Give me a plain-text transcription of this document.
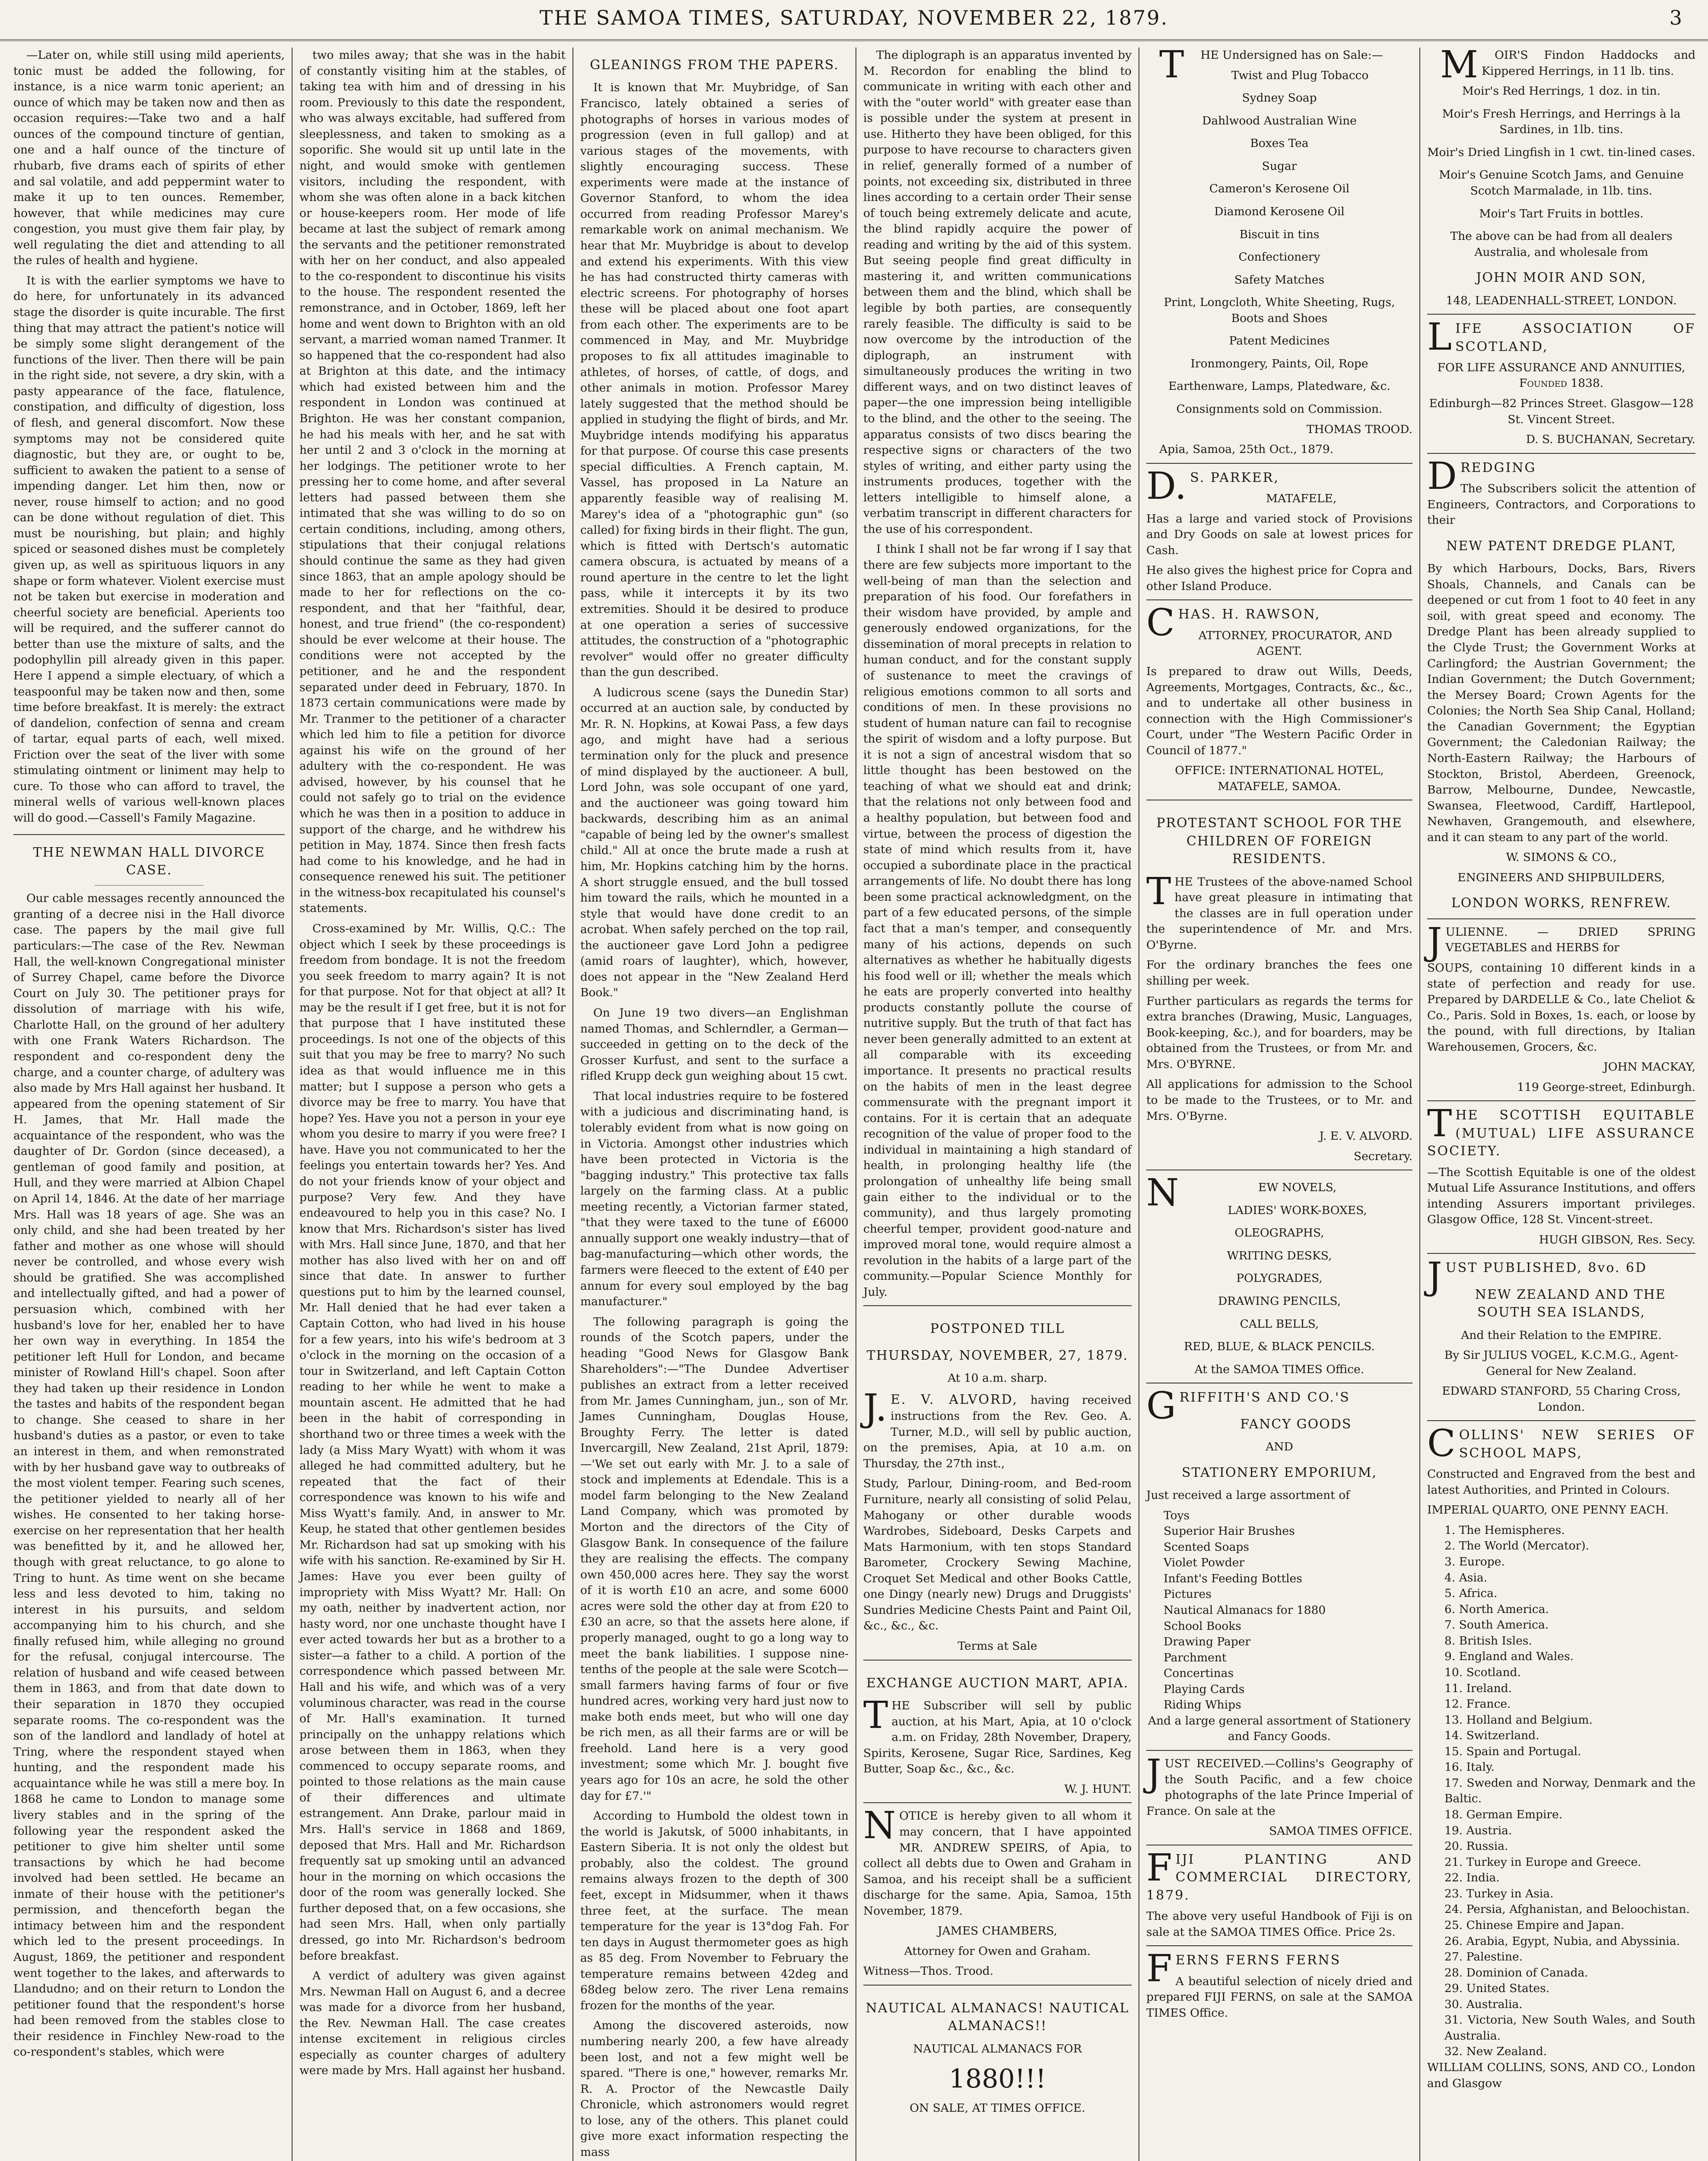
THE SAMOA TIMES, SATURDAY, NOVEMBER 22, 1879.	3

—Later on, while still using mild aperients, tonic must be added the following, for instance, is a nice warm tonic aperient; an ounce of which may be taken now and then as occasion requires:—Take two and a half ounces of the compound tincture of gentian, one and a half ounce of the tincture of rhubarb, five drams each of spirits of ether and sal volatile, and add peppermint water to make it up to ten ounces. Remember, however, that while medicines may cure congestion, you must give them fair play, by well regulating the diet and attending to all the rules of health and hygiene.

It is with the earlier symptoms we have to do here, for unfortunately in its advanced stage the disorder is quite incurable. The first thing that may attract the patient's notice will be simply some slight derangement of the functions of the liver. Then there will be pain in the right side, not severe, a dry skin, with a pasty appearance of the face, flatulence, constipation, and difficulty of digestion, loss of flesh, and general discomfort. Now these symptoms may not be considered quite diagnostic, but they are, or ought to be, sufficient to awaken the patient to a sense of impending danger. Let him then, now or never, rouse himself to action; and no good can be done without regulation of diet. This must be nourishing, but plain; and highly spiced or seasoned dishes must be completely given up, as well as spirituous liquors in any shape or form whatever. Violent exercise must not be taken but exercise in moderation and cheerful society are beneficial. Aperients too will be required, and the sufferer cannot do better than use the mixture of salts, and the podophyllin pill already given in this paper. Here I append a simple electuary, of which a teaspoonful may be taken now and then, some time before breakfast. It is merely: the extract of dandelion, confection of senna and cream of tartar, equal parts of each, well mixed. Friction over the seat of the liver with some stimulating ointment or liniment may help to cure. To those who can afford to travel, the mineral wells of various well-known places will do good.—Cassell's Family Magazine.

THE NEWMAN HALL DIVORCE CASE.

Our cable messages recently announced the granting of a decree nisi in the Hall divorce case. The papers by the mail give full particulars:—The case of the Rev. Newman Hall, the well-known Congregational minister of Surrey Chapel, came before the Divorce Court on July 30. The petitioner prays for dissolution of marriage with his wife, Charlotte Hall, on the ground of her adultery with one Frank Waters Richardson. The respondent and co-respondent deny the charge, and a counter charge, of adultery was also made by Mrs Hall against her husband. It appeared from the opening statement of Sir H. James, that Mr. Hall made the acquaintance of the respondent, who was the daughter of Dr. Gordon (since deceased), a gentleman of good family and position, at Hull, and they were married at Albion Chapel on April 14, 1846. At the date of her marriage Mrs. Hall was 18 years of age. She was an only child, and she had been treated by her father and mother as one whose will should never be controlled, and whose every wish should be gratified. She was accomplished and intellectually gifted, and had a power of persuasion which, combined with her husband's love for her, enabled her to have her own way in everything. In 1854 the petitioner left Hull for London, and became minister of Rowland Hill's chapel. Soon after they had taken up their residence in London the tastes and habits of the respondent began to change. She ceased to share in her husband's duties as a pastor, or even to take an interest in them, and when remonstrated with by her husband gave way to outbreaks of the most violent temper. Fearing such scenes, the petitioner yielded to nearly all of her wishes. He consented to her taking horse-exercise on her representation that her health was benefitted by it, and he allowed her, though with great reluctance, to go alone to Tring to hunt. As time went on she became less and less devoted to him, taking no interest in his pursuits, and seldom accompanying him to his church, and she finally refused him, while alleging no ground for the refusal, conjugal intercourse. The relation of husband and wife ceased between them in 1863, and from that date down to their separation in 1870 they occupied separate rooms. The co-respondent was the son of the landlord and landlady of hotel at Tring, where the respondent stayed when hunting, and the respondent made his acquaintance while he was still a mere boy. In 1868 he came to London to manage some livery stables and in the spring of the following year the respondent asked the petitioner to give him shelter until some transactions by which he had become involved had been settled. He became an inmate of their house with the petitioner's permission, and thenceforth began the intimacy between him and the respondent which led to the present proceedings. In August, 1869, the petitioner and respondent went together to the lakes, and afterwards to Llandudno; and on their return to London the petitioner found that the respondent's horse had been removed from the stables close to their residence in Finchley New-road to the co-respondent's stables, which were

two miles away; that she was in the habit of constantly visiting him at the stables, of taking tea with him and of dressing in his room. Previously to this date the respondent, who was always excitable, had suffered from sleeplessness, and taken to smoking as a soporific. She would sit up until late in the night, and would smoke with gentlemen visitors, including the respondent, with whom she was often alone in a back kitchen or house-keepers room. Her mode of life became at last the subject of remark among the servants and the petitioner remonstrated with her on her conduct, and also appealed to the co-respondent to discontinue his visits to the house. The respondent resented the remonstrance, and in October, 1869, left her home and went down to Brighton with an old servant, a married woman named Tranmer. It so happened that the co-respondent had also at Brighton at this date, and the intimacy which had existed between him and the respondent in London was continued at Brighton. He was her constant companion, he had his meals with her, and he sat with her until 2 and 3 o'clock in the morning at her lodgings. The petitioner wrote to her pressing her to come home, and after several letters had passed between them she intimated that she was willing to do so on certain conditions, including, among others, stipulations that their conjugal relations should continue the same as they had given since 1863, that an ample apology should be made to her for reflections on the co-respondent, and that her "faithful, dear, honest, and true friend" (the co-respondent) should be ever welcome at their house. The conditions were not accepted by the petitioner, and he and the respondent separated under deed in February, 1870. In 1873 certain communications were made by Mr. Tranmer to the petitioner of a character which led him to file a petition for divorce against his wife on the ground of her adultery with the co-respondent. He was advised, however, by his counsel that he could not safely go to trial on the evidence which he was then in a position to adduce in support of the charge, and he withdrew his petition in May, 1874. Since then fresh facts had come to his knowledge, and he had in consequence renewed his suit. The petitioner in the witness-box recapitulated his counsel's statements.

Cross-examined by Mr. Willis, Q.C.: The object which I seek by these proceedings is freedom from bondage. It is not the freedom you seek freedom to marry again? It is not for that purpose. Not for that object at all? It may be the result if I get free, but it is not for that purpose that I have instituted these proceedings. Is not one of the objects of this suit that you may be free to marry? No such idea as that would influence me in this matter; but I suppose a person who gets a divorce may be free to marry. You have that hope? Yes. Have you not a person in your eye whom you desire to marry if you were free? I have. Have you not communicated to her the feelings you entertain towards her? Yes. And do not your friends know of your object and purpose? Very few. And they have endeavoured to help you in this case? No. I know that Mrs. Richardson's sister has lived with Mrs. Hall since June, 1870, and that her mother has also lived with her on and off since that date. In answer to further questions put to him by the learned counsel, Mr. Hall denied that he had ever taken a Captain Cotton, who had lived in his house for a few years, into his wife's bedroom at 3 o'clock in the morning on the occasion of a tour in Switzerland, and left Captain Cotton reading to her while he went to make a mountain ascent. He admitted that he had been in the habit of corresponding in shorthand two or three times a week with the lady (a Miss Mary Wyatt) with whom it was alleged he had committed adultery, but he repeated that the fact of their correspondence was known to his wife and Miss Wyatt's family. And, in answer to Mr. Keup, he stated that other gentlemen besides Mr. Richardson had sat up smoking with his wife with his sanction. Re-examined by Sir H. James: Have you ever been guilty of impropriety with Miss Wyatt? Mr. Hall: On my oath, neither by inadvertent action, nor hasty word, nor one unchaste thought have I ever acted towards her but as a brother to a sister—a father to a child. A portion of the correspondence which passed between Mr. Hall and his wife, and which was of a very voluminous character, was read in the course of Mr. Hall's examination. It turned principally on the unhappy relations which arose between them in 1863, when they commenced to occupy separate rooms, and pointed to those relations as the main cause of their differences and ultimate estrangement. Ann Drake, parlour maid in Mrs. Hall's service in 1868 and 1869, deposed that Mrs. Hall and Mr. Richardson frequently sat up smoking until an advanced hour in the morning on which occasions the door of the room was generally locked. She further deposed that, on a few occasions, she had seen Mrs. Hall, when only partially dressed, go into Mr. Richardson's bedroom before breakfast.

A verdict of adultery was given against Mrs. Newman Hall on August 6, and a decree was made for a divorce from her husband, the Rev. Newman Hall. The case creates intense excitement in religious circles especially as counter charges of adultery were made by Mrs. Hall against her husband.

GLEANINGS FROM THE PAPERS.

It is known that Mr. Muybridge, of San Francisco, lately obtained a series of photographs of horses in various modes of progression (even in full gallop) and at various stages of the movements, with slightly encouraging success. These experiments were made at the instance of Governor Stanford, to whom the idea occurred from reading Professor Marey's remarkable work on animal mechanism. We hear that Mr. Muybridge is about to develop and extend his experiments. With this view he has had constructed thirty cameras with electric screens. For photography of horses these will be placed about one foot apart from each other. The experiments are to be commenced in May, and Mr. Muybridge proposes to fix all attitudes imaginable to athletes, of horses, of cattle, of dogs, and other animals in motion. Professor Marey lately suggested that the method should be applied in studying the flight of birds, and Mr. Muybridge intends modifying his apparatus for that purpose. Of course this case presents special difficulties. A French captain, M. Vassel, has proposed in La Nature an apparently feasible way of realising M. Marey's idea of a "photographic gun" (so called) for fixing birds in their flight. The gun, which is fitted with Dertsch's automatic camera obscura, is actuated by means of a round aperture in the centre to let the light pass, while it intercepts it by its two extremities. Should it be desired to produce at one operation a series of successive attitudes, the construction of a "photographic revolver" would offer no greater difficulty than the gun described.

A ludicrous scene (says the Dunedin Star) occurred at an auction sale, by conducted by Mr. R. N. Hopkins, at Kowai Pass, a few days ago, and might have had a serious termination only for the pluck and presence of mind displayed by the auctioneer. A bull, Lord John, was sole occupant of one yard, and the auctioneer was going toward him backwards, describing him as an animal "capable of being led by the owner's smallest child." All at once the brute made a rush at him, Mr. Hopkins catching him by the horns. A short struggle ensued, and the bull tossed him toward the rails, which he mounted in a style that would have done credit to an acrobat. When safely perched on the top rail, the auctioneer gave Lord John a pedigree (amid roars of laughter), which, however, does not appear in the "New Zealand Herd Book."

On June 19 two divers—an Englishman named Thomas, and Schlerndler, a German—succeeded in getting on to the deck of the Grosser Kurfust, and sent to the surface a rifled Krupp deck gun weighing about 15 cwt.

That local industries require to be fostered with a judicious and discriminating hand, is tolerably evident from what is now going on in Victoria. Amongst other industries which have been protected in Victoria is the "bagging industry." This protective tax falls largely on the farming class. At a public meeting recently, a Victorian farmer stated, "that they were taxed to the tune of £6000 annually support one weakly industry—that of bag-manufacturing—which other words, the farmers were fleeced to the extent of £40 per annum for every soul employed by the bag manufacturer."

The following paragraph is going the rounds of the Scotch papers, under the heading "Good News for Glasgow Bank Shareholders":—"The Dundee Advertiser publishes an extract from a letter received from Mr. James Cunningham, jun., son of Mr. James Cunningham, Douglas House, Broughty Ferry. The letter is dated Invercargill, New Zealand, 21st April, 1879:—'We set out early with Mr. J. to a sale of stock and implements at Edendale. This is a model farm belonging to the New Zealand Land Company, which was promoted by Morton and the directors of the City of Glasgow Bank. In consequence of the failure they are realising the effects. The company own 450,000 acres here. They say the worst of it is worth £10 an acre, and some 6000 acres were sold the other day at from £20 to £30 an acre, so that the assets here alone, if properly managed, ought to go a long way to meet the bank liabilities. I suppose nine-tenths of the people at the sale were Scotch—small farmers having farms of four or five hundred acres, working very hard just now to make both ends meet, but who will one day be rich men, as all their farms are or will be freehold. Land here is a very good investment; some which Mr. J. bought five years ago for 10s an acre, he sold the other day for £7.'"

According to Humbold the oldest town in the world is Jakutsk, of 5000 inhabitants, in Eastern Siberia. It is not only the oldest but probably, also the coldest. The ground remains always frozen to the depth of 300 feet, except in Midsummer, when it thaws three feet, at the surface. The mean temperature for the year is 13°dog Fah. For ten days in August thermometer goes as high as 85 deg. From November to February the temperature remains between 42deg and 68deg below zero. The river Lena remains frozen for the months of the year.

Among the discovered asteroids, now numbering nearly 200, a few have already been lost, and not a few might well be spared. "There is one," however, remarks Mr. R. A. Proctor of the Newcastle Daily Chronicle, which astronomers would regret to lose, any of the others. This planet could give more exact information respecting the mass

The diplograph is an apparatus invented by M. Recordon for enabling the blind to communicate in writing with each other and with the "outer world" with greater ease than is possible under the system at present in use. Hitherto they have been obliged, for this purpose to have recourse to characters given in relief, generally formed of a number of points, not exceeding six, distributed in three lines according to a certain order Their sense of touch being extremely delicate and acute, the blind rapidly acquire the power of reading and writing by the aid of this system. But seeing people find great difficulty in mastering it, and written communications between them and the blind, which shall be legible by both parties, are consequently rarely feasible. The difficulty is said to be now overcome by the introduction of the diplograph, an instrument with simultaneously produces the writing in two different ways, and on two distinct leaves of paper—the one impression being intelligible to the blind, and the other to the seeing. The apparatus consists of two discs bearing the respective signs or characters of the two styles of writing, and either party using the instruments produces, together with the letters intelligible to himself alone, a verbatim transcript in different characters for the use of his correspondent.

I think I shall not be far wrong if I say that there are few subjects more important to the well-being of man than the selection and preparation of his food. Our forefathers in their wisdom have provided, by ample and generously endowed organizations, for the dissemination of moral precepts in relation to human conduct, and for the constant supply of sustenance to meet the cravings of religious emotions common to all sorts and conditions of men. In these provisions no student of human nature can fail to recognise the spirit of wisdom and a lofty purpose. But it is not a sign of ancestral wisdom that so little thought has been bestowed on the teaching of what we should eat and drink; that the relations not only between food and a healthy population, but between food and virtue, between the process of digestion the state of mind which results from it, have occupied a subordinate place in the practical arrangements of life. No doubt there has long been some practical acknowledgment, on the part of a few educated persons, of the simple fact that a man's temper, and consequently many of his actions, depends on such alternatives as whether he habitually digests his food well or ill; whether the meals which he eats are properly converted into healthy products constantly pollute the course of nutritive supply. But the truth of that fact has never been generally admitted to an extent at all comparable with its exceeding importance. It presents no practical results on the habits of men in the least degree commensurate with the pregnant import it contains. For it is certain that an adequate recognition of the value of proper food to the individual in maintaining a high standard of health, in prolonging healthy life (the prolongation of unhealthy life being small gain either to the individual or to the community), and thus largely promoting cheerful temper, provident good-nature and improved moral tone, would require almost a revolution in the habits of a large part of the community.—Popular Science Monthly for July.

POSTPONED TILL
THURSDAY, NOVEMBER, 27, 1879.

At 10 a.m. sharp.

J. E. V. ALVORD, having received instructions from the Rev. Geo. A. Turner, M.D., will sell by public auction, on the premises, Apia, at 10 a.m. on Thursday, the 27th inst.,

Study, Parlour, Dining-room, and Bed-room Furniture, nearly all consisting of solid Pelau, Mahogany or other durable woods Wardrobes, Sideboard, Desks Carpets and Mats Harmonium, with ten stops Standard Barometer, Crockery Sewing Machine, Croquet Set Medical and other Books Cattle, one Dingy (nearly new) Drugs and Druggists' Sundries Medicine Chests Paint and Paint Oil, &c., &c., &c.

Terms at Sale

EXCHANGE AUCTION MART, APIA.

T HE Subscriber will sell by public auction, at his Mart, Apia, at 10 o'clock a.m. on Friday, 28th November, Drapery, Spirits, Kerosene, Sugar Rice, Sardines, Keg Butter, Soap &c., &c., &c.

W. J. HUNT.

N OTICE is hereby given to all whom it may concern, that I have appointed MR. ANDREW SPEIRS, of Apia, to collect all debts due to Owen and Graham in Samoa, and his receipt shall be a sufficient discharge for the same. Apia, Samoa, 15th November, 1879.

JAMES CHAMBERS,

Attorney for Owen and Graham.

Witness—Thos. Trood.

NAUTICAL ALMANACS! NAUTICAL ALMANACS!!

NAUTICAL ALMANACS FOR

1880!!!

ON SALE, AT TIMES OFFICE.

T HE Undersigned has on Sale:—

Twist and Plug Tobacco
Sydney Soap
Dahlwood Australian Wine
Boxes Tea
Sugar
Cameron's Kerosene Oil
Diamond Kerosene Oil
Biscuit in tins
Confectionery
Safety Matches
Print, Longcloth, White Sheeting, Rugs, Boots and Shoes
Patent Medicines
Ironmongery, Paints, Oil, Rope
Earthenware, Lamps, Platedware, &c.

Consignments sold on Commission.

THOMAS TROOD.

Apia, Samoa, 25th Oct., 1879.

D. S. PARKER,

MATAFELE,

Has a large and varied stock of Provisions and Dry Goods on sale at lowest prices for Cash.

He also gives the highest price for Copra and other Island Produce.

C HAS. H. RAWSON,

ATTORNEY, PROCURATOR, AND AGENT.

Is prepared to draw out Wills, Deeds, Agreements, Mortgages, Contracts, &c., &c., and to undertake all other business in connection with the High Commissioner's Court, under "The Western Pacific Order in Council of 1877."

OFFICE: INTERNATIONAL HOTEL, MATAFELE, SAMOA.

PROTESTANT SCHOOL FOR THE CHILDREN OF FOREIGN RESIDENTS.

T HE Trustees of the above-named School have great pleasure in intimating that the classes are in full operation under the superintendence of Mr. and Mrs. O'Byrne.

For the ordinary branches the fees one shilling per week.

Further particulars as regards the terms for extra branches (Drawing, Music, Languages, Book-keeping, &c.), and for boarders, may be obtained from the Trustees, or from Mr. and Mrs. O'BYRNE.

All applications for admission to the School to be made to the Trustees, or to Mr. and Mrs. O'Byrne.

J. E. V. ALVORD.

Secretary.

N	EW NOVELS,
LADIES' WORK-BOXES,
OLEOGRAPHS,
WRITING DESKS,
POLYGRADES,
DRAWING PENCILS,
CALL BELLS,
RED, BLUE, & BLACK PENCILS.

At the SAMOA TIMES Office.

G RIFFITH'S AND CO.'S

FANCY GOODS

AND

STATIONERY EMPORIUM,

Just received a large assortment of

Toys
Superior Hair Brushes
Scented Soaps
Violet Powder
Infant's Feeding Bottles
Pictures
Nautical Almanacs for 1880
School Books
Drawing Paper
Parchment
Concertinas
Playing Cards
Riding Whips

And a large general assortment of Stationery and Fancy Goods.

J UST RECEIVED.—Collins's Geography of the South Pacific, and a few choice photographs of the late Prince Imperial of France. On sale at the

SAMOA TIMES OFFICE.

F IJI PLANTING AND COMMERCIAL DIRECTORY, 1879.

The above very useful Handbook of Fiji is on sale at the SAMOA TIMES Office. Price 2s.

F ERNS FERNS FERNS

A beautiful selection of nicely dried and prepared FIJI FERNS, on sale at the SAMOA TIMES Office.

M OIR'S Findon Haddocks and Kippered Herrings, in 11 lb. tins.

Moir's Red Herrings, 1 doz. in tin.
Moir's Fresh Herrings, and Herrings à la Sardines, in 1lb. tins.
Moir's Dried Lingfish in 1 cwt. tin-lined cases.
Moir's Genuine Scotch Jams, and Genuine Scotch Marmalade, in 1lb. tins.
Moir's Tart Fruits in bottles.

The above can be had from all dealers Australia, and wholesale from

JOHN MOIR AND SON,

148, LEADENHALL-STREET, LONDON.

L IFE ASSOCIATION OF SCOTLAND,

FOR LIFE ASSURANCE AND ANNUITIES, Founded 1838.

Edinburgh—82 Princes Street. Glasgow—128 St. Vincent Street.

D. S. BUCHANAN, Secretary.

D REDGING

The Subscribers solicit the attention of Engineers, Contractors, and Corporations to their

NEW PATENT DREDGE PLANT,

By which Harbours, Docks, Bars, Rivers Shoals, Channels, and Canals can be deepened or cut from 1 foot to 40 feet in any soil, with great speed and economy. The Dredge Plant has been already supplied to the Clyde Trust; the Government Works at Carlingford; the Austrian Government; the Indian Government; the Dutch Government; the Mersey Board; Crown Agents for the Colonies; the North Sea Ship Canal, Holland; the Canadian Government; the Egyptian Government; the Caledonian Railway; the North-Eastern Railway; the Harbours of Stockton, Bristol, Aberdeen, Greenock, Barrow, Melbourne, Dundee, Newcastle, Swansea, Fleetwood, Cardiff, Hartlepool, Newhaven, Grangemouth, and elsewhere, and it can steam to any part of the world.

W. SIMONS & CO.,

ENGINEERS AND SHIPBUILDERS,

LONDON WORKS, RENFREW.

J ULIENNE. — DRIED SPRING VEGETABLES and HERBS for

SOUPS, containing 10 different kinds in a state of perfection and ready for use. Prepared by DARDELLE & Co., late Cheliot & Co., Paris. Sold in Boxes, 1s. each, or loose by the pound, with full directions, by Italian Warehousemen, Grocers, &c.

JOHN MACKAY,

119 George-street, Edinburgh.

T HE SCOTTISH EQUITABLE (MUTUAL) LIFE ASSURANCE SOCIETY.

—The Scottish Equitable is one of the oldest Mutual Life Assurance Institutions, and offers intending Assurers important privileges. Glasgow Office, 128 St. Vincent-street.

HUGH GIBSON, Res. Secy.

J UST PUBLISHED, 8vo. 6D

NEW ZEALAND AND THE SOUTH SEA ISLANDS,

And their Relation to the EMPIRE.

By Sir JULIUS VOGEL, K.C.M.G., Agent-General for New Zealand.

EDWARD STANFORD, 55 Charing Cross, London.

C OLLINS' NEW SERIES OF SCHOOL MAPS,

Constructed and Engraved from the best and latest Authorities, and Printed in Colours.

IMPERIAL QUARTO, ONE PENNY EACH.

1. The Hemispheres.
2. The World (Mercator).
3. Europe.
4. Asia.
5. Africa.
6. North America.
7. South America.
8. British Isles.
9. England and Wales.
10. Scotland.
11. Ireland.
12. France.
13. Holland and Belgium.
14. Switzerland.
15. Spain and Portugal.
16. Italy.
17. Sweden and Norway, Denmark and the Baltic.
18. German Empire.
19. Austria.
20. Russia.
21. Turkey in Europe and Greece.
22. India.
23. Turkey in Asia.
24. Persia, Afghanistan, and Beloochistan.
25. Chinese Empire and Japan.
26. Arabia, Egypt, Nubia, and Abyssinia.
27. Palestine.
28. Dominion of Canada.
29. United States.
30. Australia.
31. Victoria, New South Wales, and South Australia.
32. New Zealand.

WILLIAM COLLINS, SONS, AND CO., London and Glasgow
